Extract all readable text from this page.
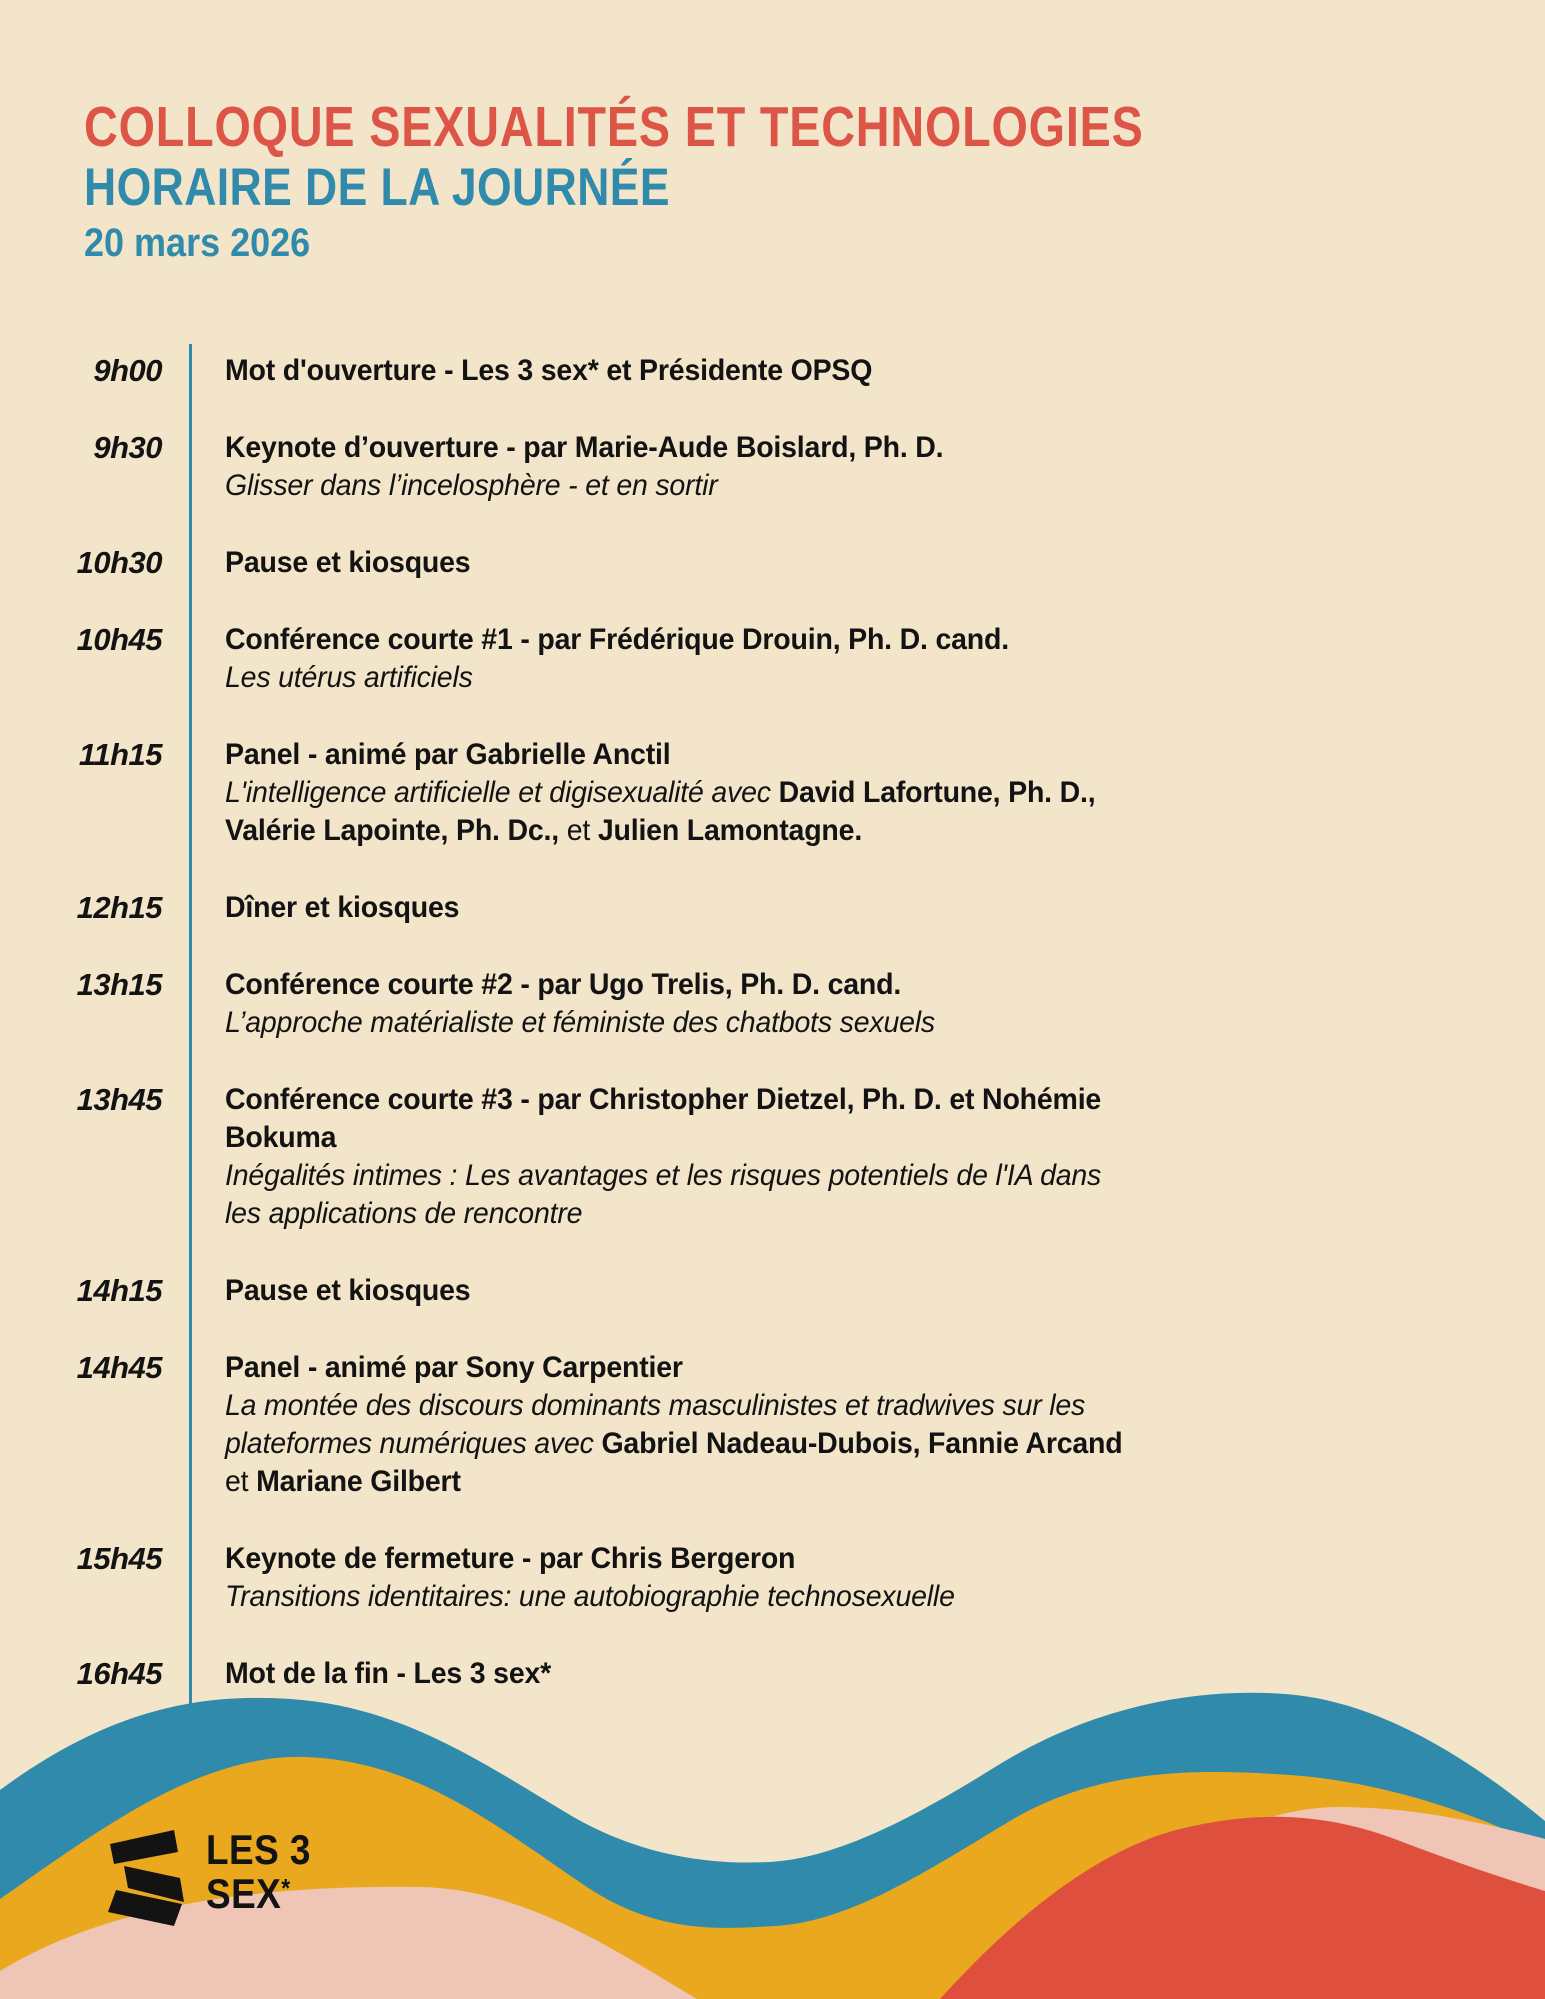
COLLOQUE SEXUALITÉS ET TECHNOLOGIES
HORAIRE DE LA JOURNÉE
20 mars 2026
9h00 Mot d'ouverture - Les 3 sex* et Présidente OPSQ
9h30 Keynote d’ouverture - par Marie-Aude Boislard, Ph. D.
Glisser dans l’incelosphère - et en sortir
10h30 Pause et kiosques
10h45 Conférence courte #1 - par Frédérique Drouin, Ph. D. cand.
Les utérus artificiels
11h15 Panel - animé par Gabrielle Anctil
L'intelligence artificielle et digisexualité avec David Lafortune, Ph. D.,
Valérie Lapointe, Ph. Dc., et Julien Lamontagne.
12h15 Dîner et kiosques
13h15 Conférence courte #2 - par Ugo Trelis, Ph. D. cand.
L’approche matérialiste et féministe des chatbots sexuels
13h45 Conférence courte #3 - par Christopher Dietzel, Ph. D. et Nohémie
Bokuma
Inégalités intimes : Les avantages et les risques potentiels de l'IA dans
les applications de rencontre
14h15 Pause et kiosques
14h45 Panel - animé par Sony Carpentier
La montée des discours dominants masculinistes et tradwives sur les
plateformes numériques avec Gabriel Nadeau-Dubois, Fannie Arcand
et Mariane Gilbert
15h45 Keynote de fermeture - par Chris Bergeron
Transitions identitaires: une autobiographie technosexuelle
16h45 Mot de la fin - Les 3 sex*
LES 3
SEX*
